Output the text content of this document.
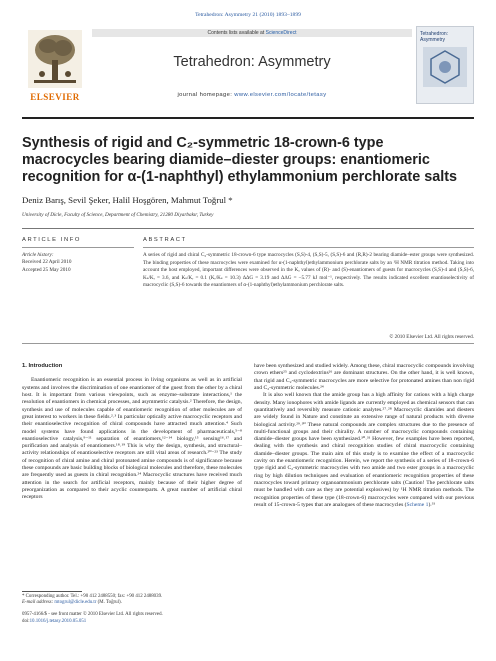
Tetrahedron: Asymmetry 21 (2010) 1893–1899
ELSEVIER
Contents lists available at ScienceDirect
Tetrahedron: Asymmetry
journal homepage: www.elsevier.com/locate/tetasy
Tetrahedron: Asymmetry
Synthesis of rigid and C₂-symmetric 18-crown-6 type macrocycles bearing diamide–diester groups: enantiomeric recognition for α-(1-naphthyl) ethylammonium perchlorate salts
Deniz Barış, Sevil Şeker, Halil Hoşgören, Mahmut Toğrul *
University of Dicle, Faculty of Science, Department of Chemistry, 21280 Diyarbakır, Turkey
ARTICLE INFO	ABSTRACT
Article history:
Received 22 April 2010
Accepted 25 May 2010
A series of rigid and chiral C₂-symmetric 18-crown-6 type macrocycles (S,S)-4, (S,S)-5, (S,S)-6 and (R,R)-2 bearing diamide–ester groups were synthesized. The binding properties of these macrocycles were examined for α-(1-naphthyl)ethylammonium perchlorate salts by an ¹H NMR titration method. Taking into account the host employed, important differences were observed in the Kₐ values of (R)- and (S)-enantiomers of guests for macrocycles (S,S)-4 and (S,S)-6, Kₛ/Kᵣ = 3.6, and Kₛ/Kᵣ = 0.1 (Kᵣ/Kₛ = 10.3) ΔΔG = 3.19 and ΔΔG = −5.77 kJ mol⁻¹, respectively. The results indicated excellent enantioselectivity of macrocyclic (S,S)-6 towards the enantiomers of α-(1-naphthyl)ethylammonium perchlorate salts.
© 2010 Elsevier Ltd. All rights reserved.
1. Introduction

Enantiomeric recognition is an essential process in living organisms as well as in artificial systems and involves the discrimination of one enantiomer of the guest from the other by a chiral host. It is important from various viewpoints, such as enzyme–substrate interactions,¹ the resolution of enantiomers in chemical processes, and asymmetric catalysis.² Therefore, the design, synthesis and use of molecules capable of enantiomeric recognition of other molecules are of great interest to workers in these fields.²˒³ In particular optically active macrocyclic receptors and their enantioselective recognition of chiral compounds have attracted much attention.⁴ Such model systems have found applications in the development of pharmaceuticals,⁵⁻⁸ enantioselective catalysis,⁹⁻¹¹ separation of enantiomers,¹²⁻¹⁴ biology,¹⁵ sensing¹⁶˒¹⁷ and purification and analysis of enantiomers.¹⁸˒¹⁹ This is why the design, synthesis, and structural–activity relationships of enantioselective receptors are still vital areas of research.²⁰⁻²³ The study of recognition of chiral amine and chiral protonated amine compounds is of significance because these compounds are basic building blocks of biological molecules and therefore, these molecules are frequently used as guests in chiral recognition.²⁴ Macrocyclic structures have received much attention in the search for artificial receptors, mainly because of their higher degree of preorganization as compared to their acyclic counterparts. A great number of artificial chiral receptors

have been synthesized and studied widely. Among these, chiral macrocyclic compounds involving crown ethers²⁵ and cyclodextrins²⁶ are dominant structures. On the other hand, it is well known, that rigid and C₂-symmetric macrocycles are more selective for protonated amines than non rigid and C₂-symmetric molecules.²⁴

It is also well known that the amide group has a high affinity for cations with a high charge density. Many ionophores with amide ligands are currently employed as chemical sensors that can quantitatively and reversibly measure cationic analytes.²⁷˒²⁸ Macrocyclic diamides and diesters are widely found in Nature and constitute an extensive range of natural products with diverse biological activity.²⁹˒³⁰ These natural compounds are complex structures due to the presence of multi-functional groups and their chirality. A number of macrocyclic compounds containing diamide–diester groups have been synthesized.³⁰˒³¹ However, few examples have been reported, dealing with the synthesis and chiral recognition studies of chiral macrocyclic containing diamide–diester groups. The main aim of this study is to examine the effect of a macrocyclic cavity on the enantiomeric recognition. Herein, we report the synthesis of a series of 18-crown-6 type rigid and C₂-symmetric macrocycles with two amide and two ester groups in a macrocyclic ring by high dilution techniques and evaluation of enantiomeric recognition properties of these macrocycles toward primary organoammonium perchlorate salts (Caution! The perchlorate salts must be handled with care as they are potential explosives) by ¹H NMR titration methods. The recognition properties of these type (18-crown-6) macrocycles were compared with our previous result of 15-crown-5 types that are analogues of these macrocycles (Scheme 1).³¹

* Corresponding author. Tel.: +90 412 2488550; fax: +90 412 2488039.
E-mail address: mtogrul@dicle.edu.tr (M. Toğrul).
0957-4166/$ - see front matter © 2010 Elsevier Ltd. All rights reserved.
doi:10.1016/j.tetasy.2010.05.051
